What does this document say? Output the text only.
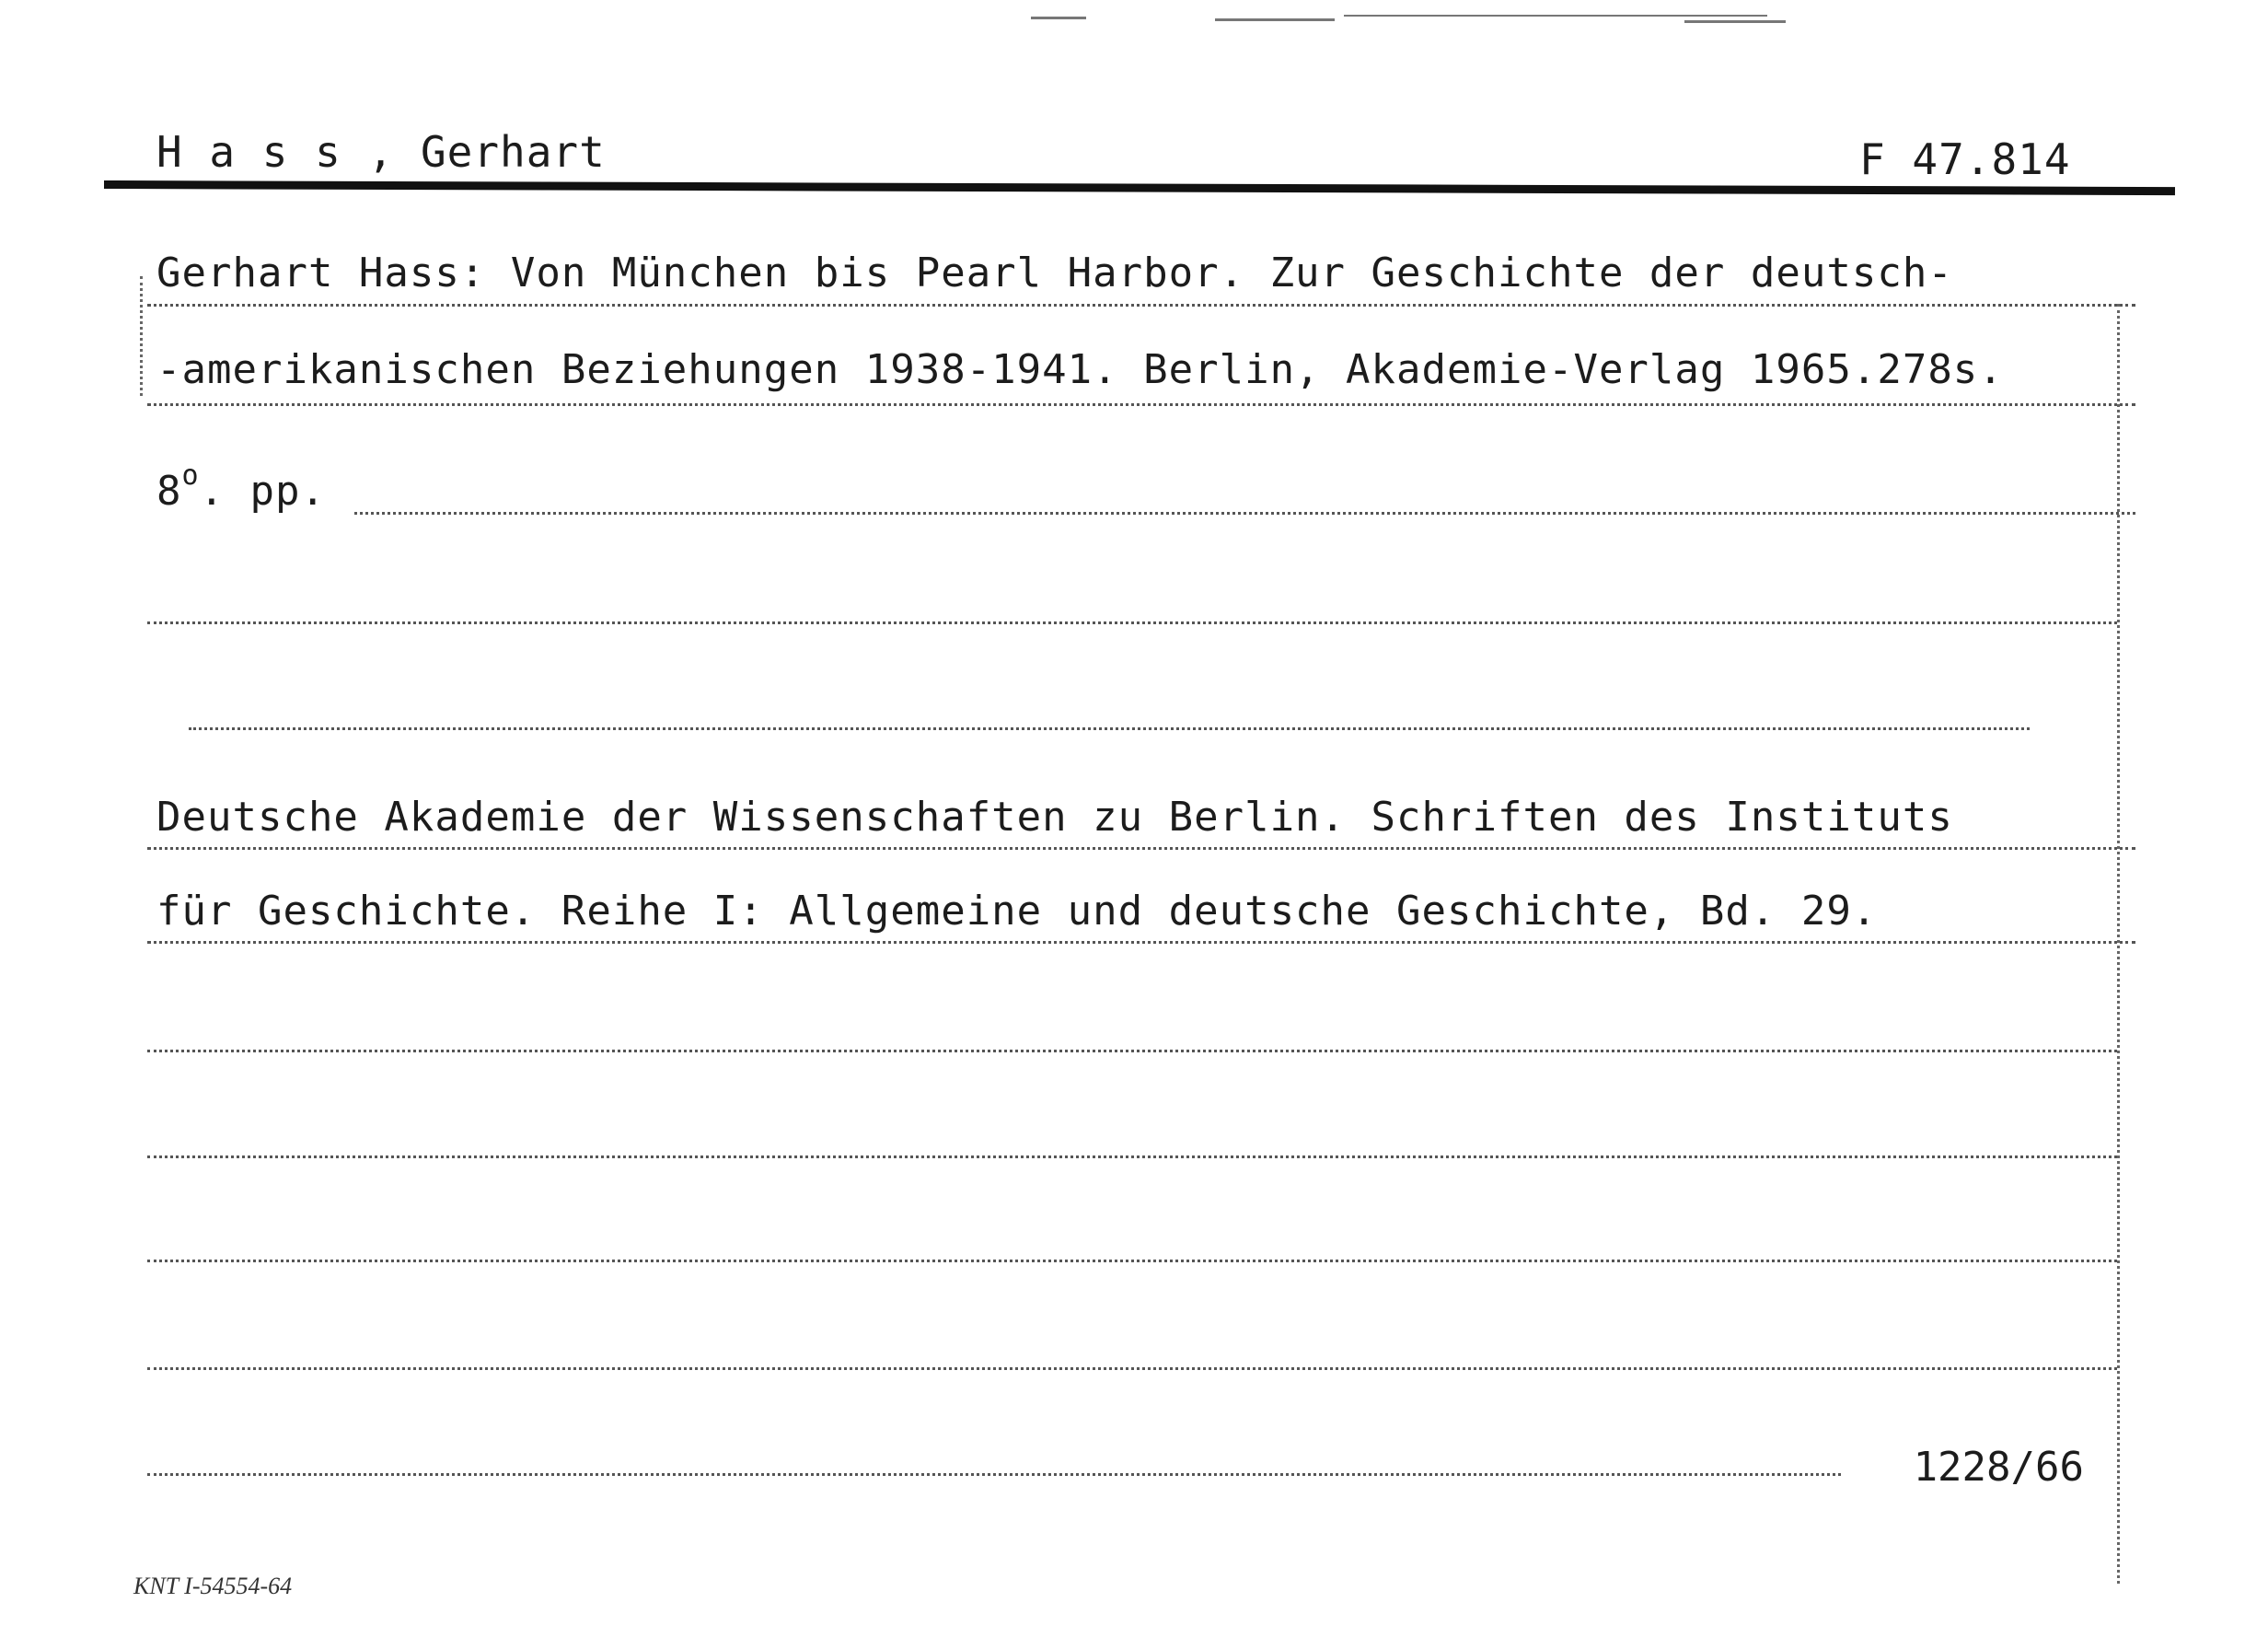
H a s s , Gerhart	F 47.814
Gerhart Hass: Von München bis Pearl Harbor. Zur Geschichte der deutsch-
-amerikanischen Beziehungen 1938-1941. Berlin, Akademie-Verlag 1965.278s.
8$^o$. pp.
Deutsche Akademie der Wissenschaften zu Berlin. Schriften des Instituts
für Geschichte. Reihe I: Allgemeine und deutsche Geschichte, Bd. 29.
1228/66
KNT I-54554-64
